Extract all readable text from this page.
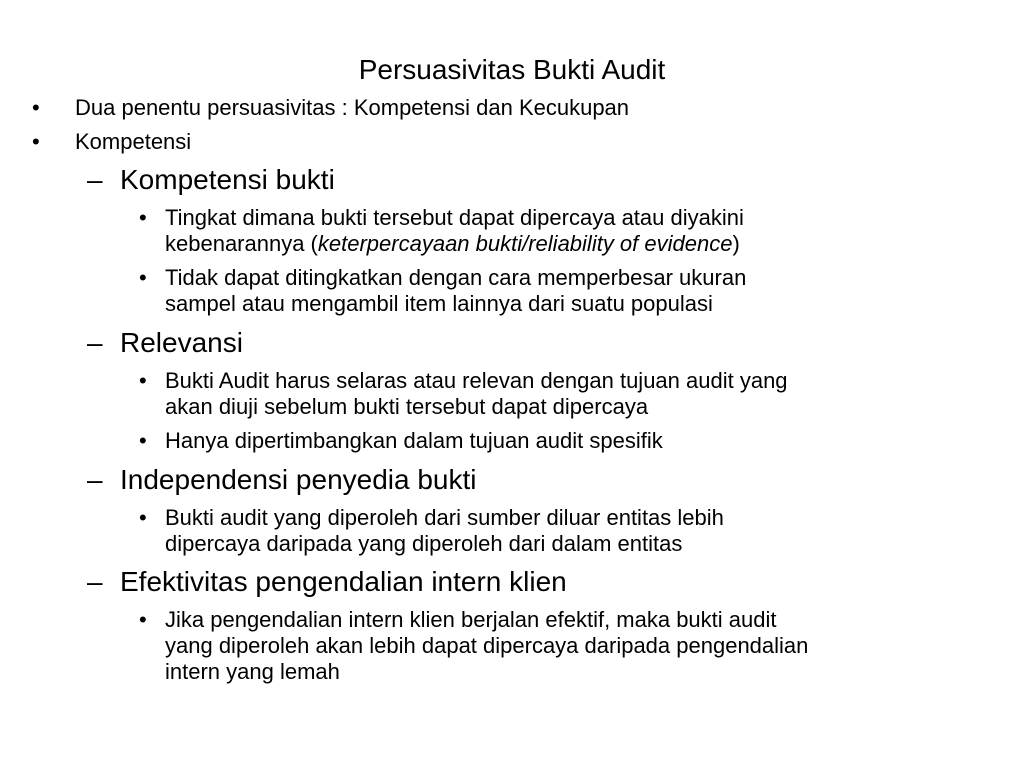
Persuasivitas Bukti Audit
• Dua penentu persuasivitas : Kompetensi dan Kecukupan
• Kompetensi
– Kompetensi bukti
• Tingkat dimana bukti tersebut dapat dipercaya atau diyakini
kebenarannya (keterpercayaan bukti/reliability of evidence)
• Tidak dapat ditingkatkan dengan cara memperbesar ukuran
sampel atau mengambil item lainnya dari suatu populasi
– Relevansi
• Bukti Audit harus selaras atau relevan dengan tujuan audit yang
akan diuji sebelum bukti tersebut dapat dipercaya
• Hanya dipertimbangkan dalam tujuan audit spesifik
– Independensi penyedia bukti
• Bukti audit yang diperoleh dari sumber diluar entitas lebih
dipercaya daripada yang diperoleh dari dalam entitas
– Efektivitas pengendalian intern klien
• Jika pengendalian intern klien berjalan efektif, maka bukti audit
yang diperoleh akan lebih dapat dipercaya daripada pengendalian
intern yang lemah
